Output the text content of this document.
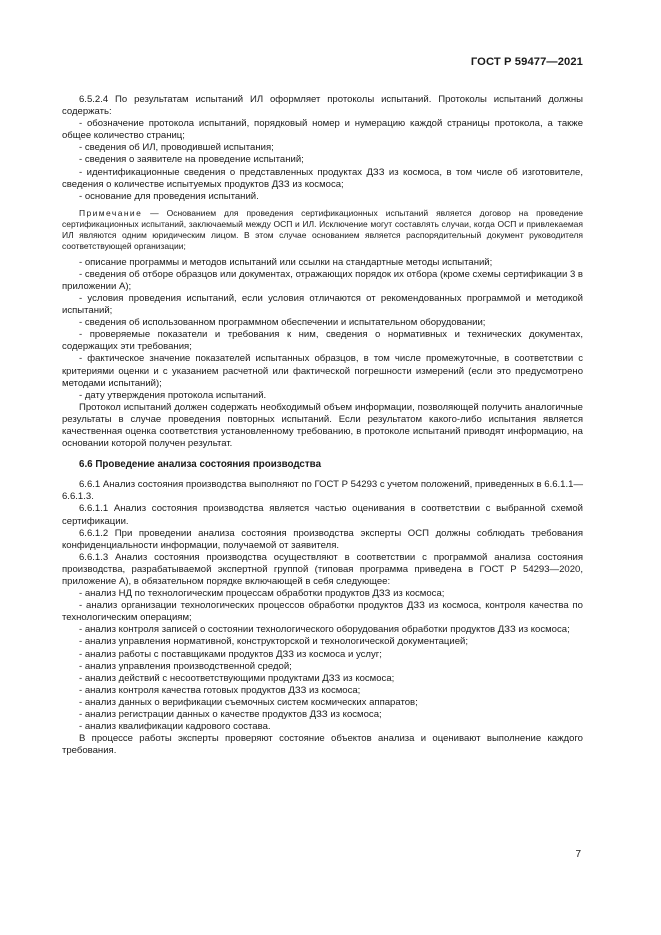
ГОСТ Р 59477—2021

6.5.2.4 По результатам испытаний ИЛ оформляет протоколы испытаний. Протоколы испытаний должны содержать:

- обозначение протокола испытаний, порядковый номер и нумерацию каждой страницы протокола, а также общее количество страниц;

- сведения об ИЛ, проводившей испытания;

- сведения о заявителе на проведение испытаний;

- идентификационные сведения о представленных продуктах ДЗЗ из космоса, в том числе об изготовителе, сведения о количестве испытуемых продуктов ДЗЗ из космоса;

- основание для проведения испытаний.

Примечание — Основанием для проведения сертификационных испытаний является договор на проведение сертификационных испытаний, заключаемый между ОСП и ИЛ. Исключение могут составлять случаи, когда ОСП и привлекаемая ИЛ являются одним юридическим лицом. В этом случае основанием является распорядительный документ руководителя соответствующей организации;

- описание программы и методов испытаний или ссылки на стандартные методы испытаний;

- сведения об отборе образцов или документах, отражающих порядок их отбора (кроме схемы сертификации 3 в приложении А);

- условия проведения испытаний, если условия отличаются от рекомендованных программой и методикой испытаний;

- сведения об использованном программном обеспечении и испытательном оборудовании;

- проверяемые показатели и требования к ним, сведения о нормативных и технических документах, содержащих эти требования;

- фактическое значение показателей испытанных образцов, в том числе промежуточные, в соответствии с критериями оценки и с указанием расчетной или фактической погрешности измерений (если это предусмотрено методами испытаний);

- дату утверждения протокола испытаний.

Протокол испытаний должен содержать необходимый объем информации, позволяющей получить аналогичные результаты в случае проведения повторных испытаний. Если результатом какого-либо испытания является качественная оценка соответствия установленному требованию, в протоколе испытаний приводят информацию, на основании которой получен результат.

6.6 Проведение анализа состояния производства

6.6.1 Анализ состояния производства выполняют по ГОСТ Р 54293 с учетом положений, приведенных в 6.6.1.1—6.6.1.3.

6.6.1.1 Анализ состояния производства является частью оценивания в соответствии с выбранной схемой сертификации.

6.6.1.2 При проведении анализа состояния производства эксперты ОСП должны соблюдать требования конфиденциальности информации, получаемой от заявителя.

6.6.1.3 Анализ состояния производства осуществляют в соответствии с программой анализа состояния производства, разрабатываемой экспертной группой (типовая программа приведена в ГОСТ Р 54293—2020, приложение А), в обязательном порядке включающей в себя следующее:

- анализ НД по технологическим процессам обработки продуктов ДЗЗ из космоса;

- анализ организации технологических процессов обработки продуктов ДЗЗ из космоса, контроля качества по технологическим операциям;

- анализ контроля записей о состоянии технологического оборудования обработки продуктов ДЗЗ из космоса;

- анализ управления нормативной, конструкторской и технологической документацией;

- анализ работы с поставщиками продуктов ДЗЗ из космоса и услуг;

- анализ управления производственной средой;

- анализ действий с несоответствующими продуктами ДЗЗ из космоса;

- анализ контроля качества готовых продуктов ДЗЗ из космоса;

- анализ данных о верификации съемочных систем космических аппаратов;

- анализ регистрации данных о качестве продуктов ДЗЗ из космоса;

- анализ квалификации кадрового состава.

В процессе работы эксперты проверяют состояние объектов анализа и оценивают выполнение каждого требования.

7
